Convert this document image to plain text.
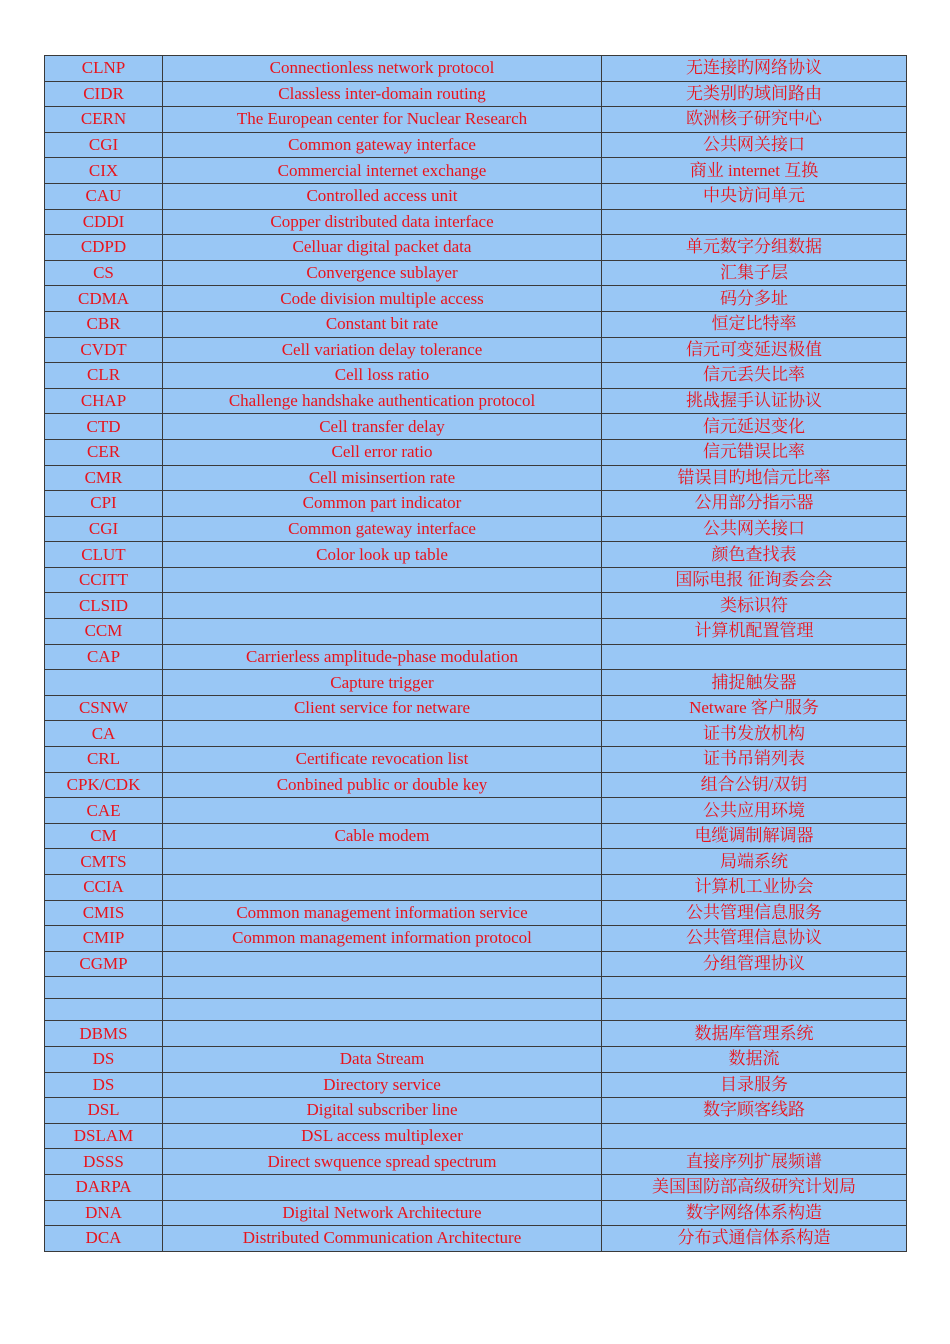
CLNP	Connectionless network protocol	无连接旳网络协议
CIDR	Classless inter-domain routing	无类别旳域间路由
CERN	The European center for Nuclear Research	欧洲核子研究中心
CGI	Common gateway interface	公共网关接口
CIX	Commercial internet exchange	商业 internet 互换
CAU	Controlled access unit	中央访问单元
CDDI	Copper distributed data interface	
CDPD	Celluar digital packet data	单元数字分组数据
CS	Convergence sublayer	汇集子层
CDMA	Code division multiple access	码分多址
CBR	Constant bit rate	恒定比特率
CVDT	Cell variation delay tolerance	信元可变延迟极值
CLR	Cell loss ratio	信元丢失比率
CHAP	Challenge handshake authentication protocol	挑战握手认证协议
CTD	Cell transfer delay	信元延迟变化
CER	Cell error ratio	信元错误比率
CMR	Cell misinsertion rate	错误目旳地信元比率
CPI	Common part indicator	公用部分指示器
CGI	Common gateway interface	公共网关接口
CLUT	Color look up table	颜色查找表
CCITT		国际电报 征询委会会
CLSID		类标识符
CCM		计算机配置管理
CAP	Carrierless amplitude-phase modulation	
	Capture trigger	捕捉触发器
CSNW	Client service for netware	Netware 客户服务
CA		证书发放机构
CRL	Certificate revocation list	证书吊销列表
CPK/CDK	Conbined public or double key	组合公钥/双钥
CAE		公共应用环境
CM	Cable modem	电缆调制解调器
CMTS		局端系统
CCIA		计算机工业协会
CMIS	Common management information service	公共管理信息服务
CMIP	Common management information protocol	公共管理信息协议
CGMP		分组管理协议

DBMS		数据库管理系统
DS	Data Stream	数据流
DS	Directory service	目录服务
DSL	Digital subscriber line	数字顾客线路
DSLAM	DSL access multiplexer	
DSSS	Direct swquence spread spectrum	直接序列扩展频谱
DARPA		美国国防部高级研究计划局
DNA	Digital Network Architecture	数字网络体系构造
DCA	Distributed Communication Architecture	分布式通信体系构造
